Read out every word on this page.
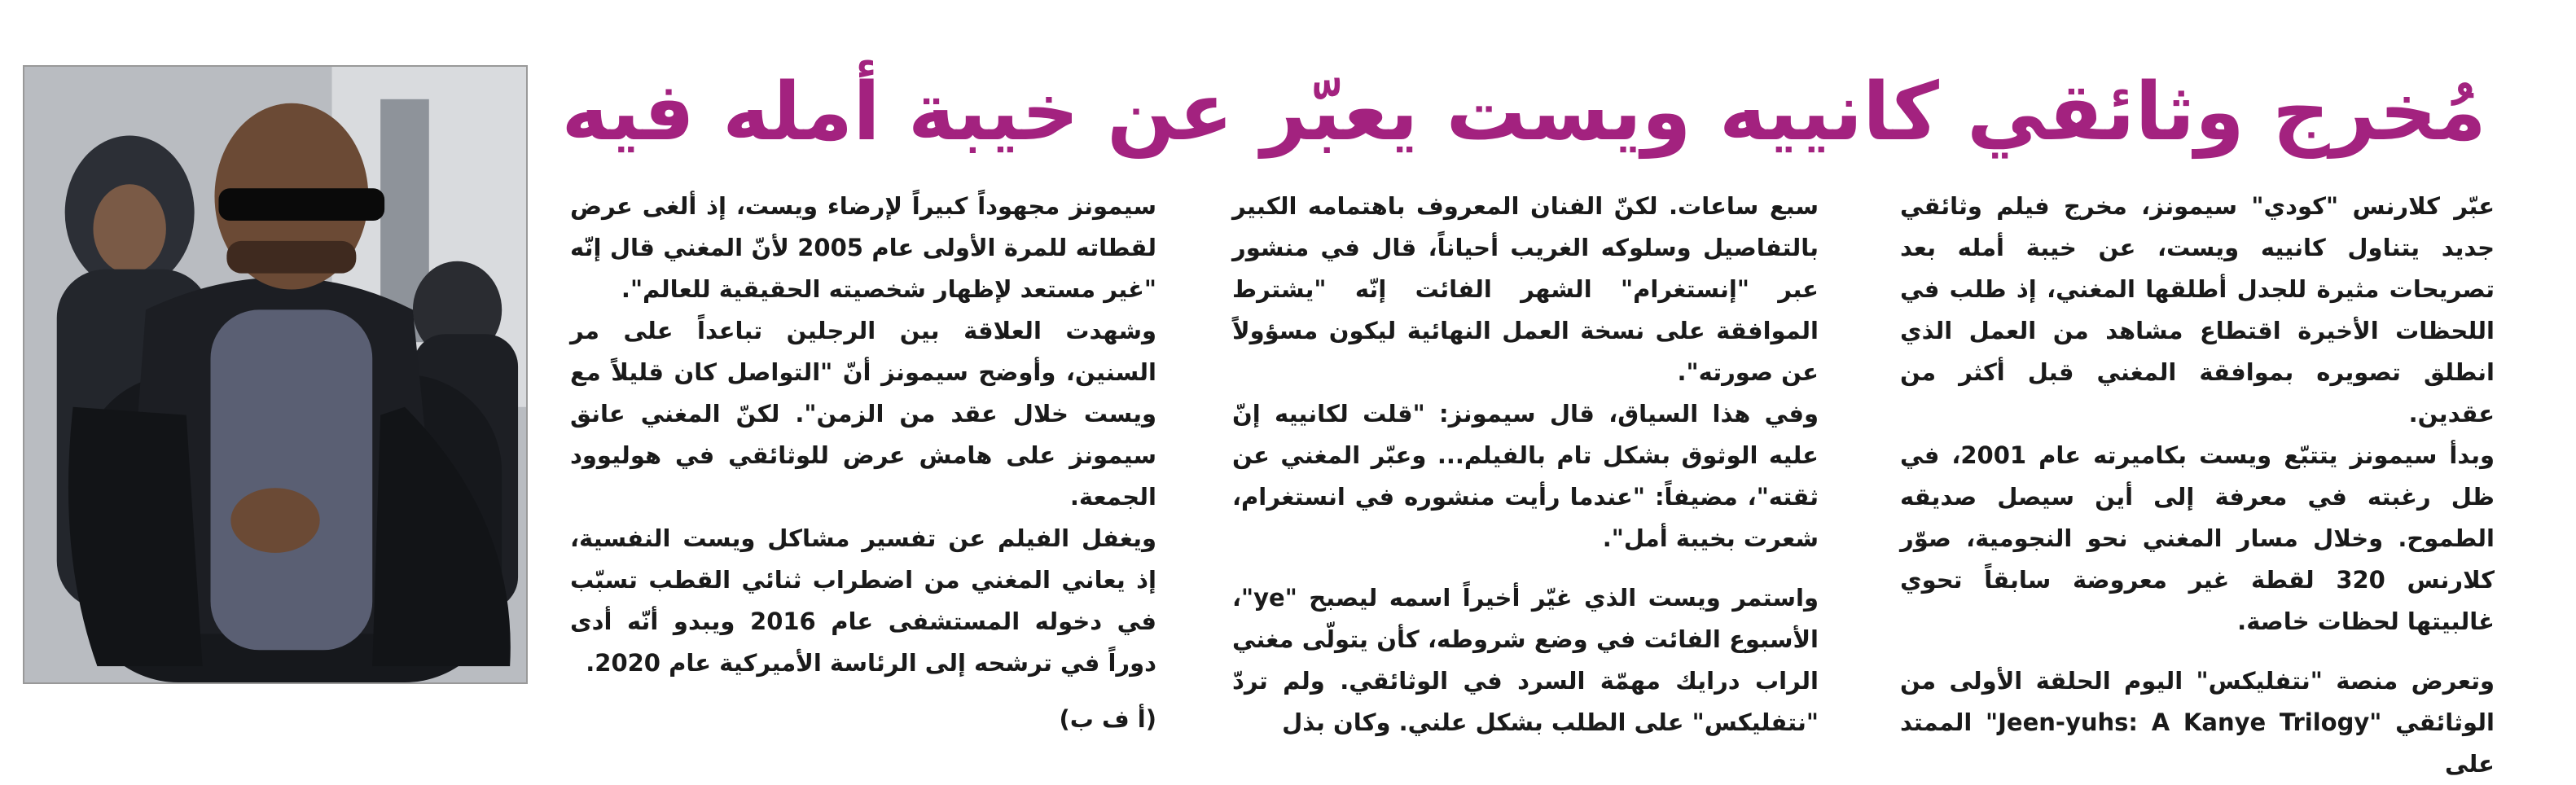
مُخرج وثائقي كانييه ويست يعبّر عن خيبة أمله فيه

عبّر كلارنس "كودي" سيمونز، مخرج فيلم وثائقي جديد يتناول كانييه ويست، عن خيبة أمله بعد تصريحات مثيرة للجدل أطلقها المغني، إذ طلب في اللحظات الأخيرة اقتطاع مشاهد من العمل الذي انطلق تصويره بموافقة المغني قبل أكثر من عقدين.

وبدأ سيمونز يتتبّع ويست بكاميرته عام 2001، في ظل رغبته في معرفة إلى أين سيصل صديقه الطموح. وخلال مسار المغني نحو النجومية، صوّر كلارنس 320 لقطة غير معروضة سابقاً تحوي غالبيتها لحظات خاصة.

وتعرض منصة "نتفليكس" اليوم الحلقة الأولى من الوثائقي "Jeen-yuhs: A Kanye Trilogy" الممتد على

سبع ساعات. لكنّ الفنان المعروف باهتمامه الكبير بالتفاصيل وسلوكه الغريب أحياناً، قال في منشور عبر "إنستغرام" الشهر الفائت إنّه "يشترط الموافقة على نسخة العمل النهائية ليكون مسؤولاً عن صورته".

وفي هذا السياق، قال سيمونز: "قلت لكانييه إنّ عليه الوثوق بشكل تام بالفيلم... وعبّر المغني عن ثقته"، مضيفاً: "عندما رأيت منشوره في انستغرام، شعرت بخيبة أمل".

واستمر ويست الذي غيّر أخيراً اسمه ليصبح "ye"، الأسبوع الفائت في وضع شروطه، كأن يتولّى مغني الراب درايك مهمّة السرد في الوثائقي. ولم تردّ "نتفليكس" على الطلب بشكل علني. وكان بذل

سيمونز مجهوداً كبيراً لإرضاء ويست، إذ ألغى عرض لقطاته للمرة الأولى عام 2005 لأنّ المغني قال إنّه "غير مستعد لإظهار شخصيته الحقيقية للعالم".

وشهدت العلاقة بين الرجلين تباعداً على مر السنين، وأوضح سيمونز أنّ "التواصل كان قليلاً مع ويست خلال عقد من الزمن". لكنّ المغني عانق سيمونز على هامش عرض للوثائقي في هوليوود الجمعة.

ويغفل الفيلم عن تفسير مشاكل ويست النفسية، إذ يعاني المغني من اضطراب ثنائي القطب تسبّب في دخوله المستشفى عام 2016 ويبدو أنّه أدى دوراً في ترشحه إلى الرئاسة الأميركية عام 2020.

(أ ف ب)
